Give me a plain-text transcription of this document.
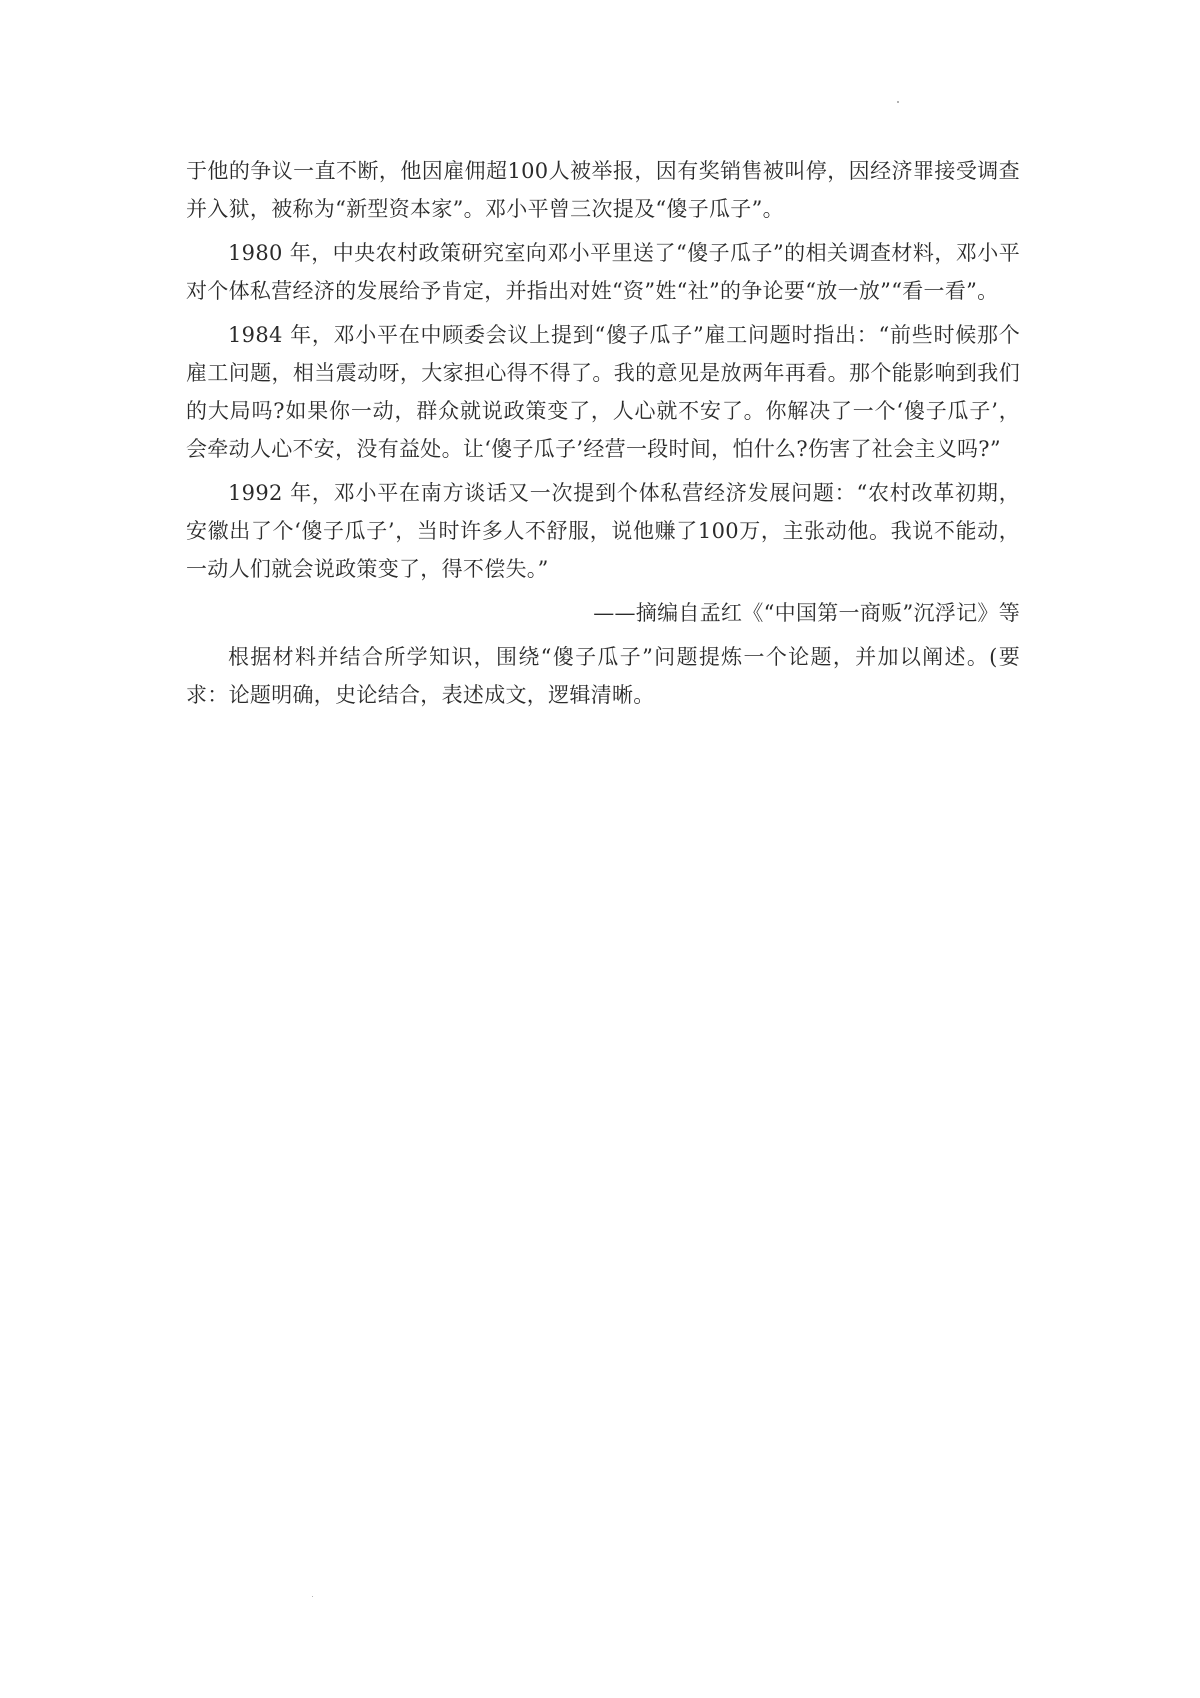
于他的争议一直不断，他因雇佣超100人被举报，因有奖销售被叫停，因经济罪接受调查并入狱，被称为“新型资本家”。邓小平曾三次提及“傻子瓜子”。

1980 年，中央农村政策研究室向邓小平里送了“傻子瓜子”的相关调查材料，邓小平对个体私营经济的发展给予肯定，并指出对姓“资”姓“社”的争论要“放一放”“看一看”。

1984 年，邓小平在中顾委会议上提到“傻子瓜子”雇工问题时指出：“前些时候那个雇工问题，相当震动呀，大家担心得不得了。我的意见是放两年再看。那个能影响到我们的大局吗?如果你一动，群众就说政策变了，人心就不安了。你解决了一个‘傻子瓜子’，会牵动人心不安，没有益处。让‘傻子瓜子’经营一段时间，怕什么?伤害了社会主义吗?”

1992 年，邓小平在南方谈话又一次提到个体私营经济发展问题：“农村改革初期，安徽出了个‘傻子瓜子’，当时许多人不舒服，说他赚了100万，主张动他。我说不能动，一动人们就会说政策变了，得不偿失。”

——摘编自孟红《“中国第一商贩”沉浮记》等

根据材料并结合所学知识，围绕“傻子瓜子”问题提炼一个论题，并加以阐述。(要求：论题明确，史论结合，表述成文，逻辑清晰。
